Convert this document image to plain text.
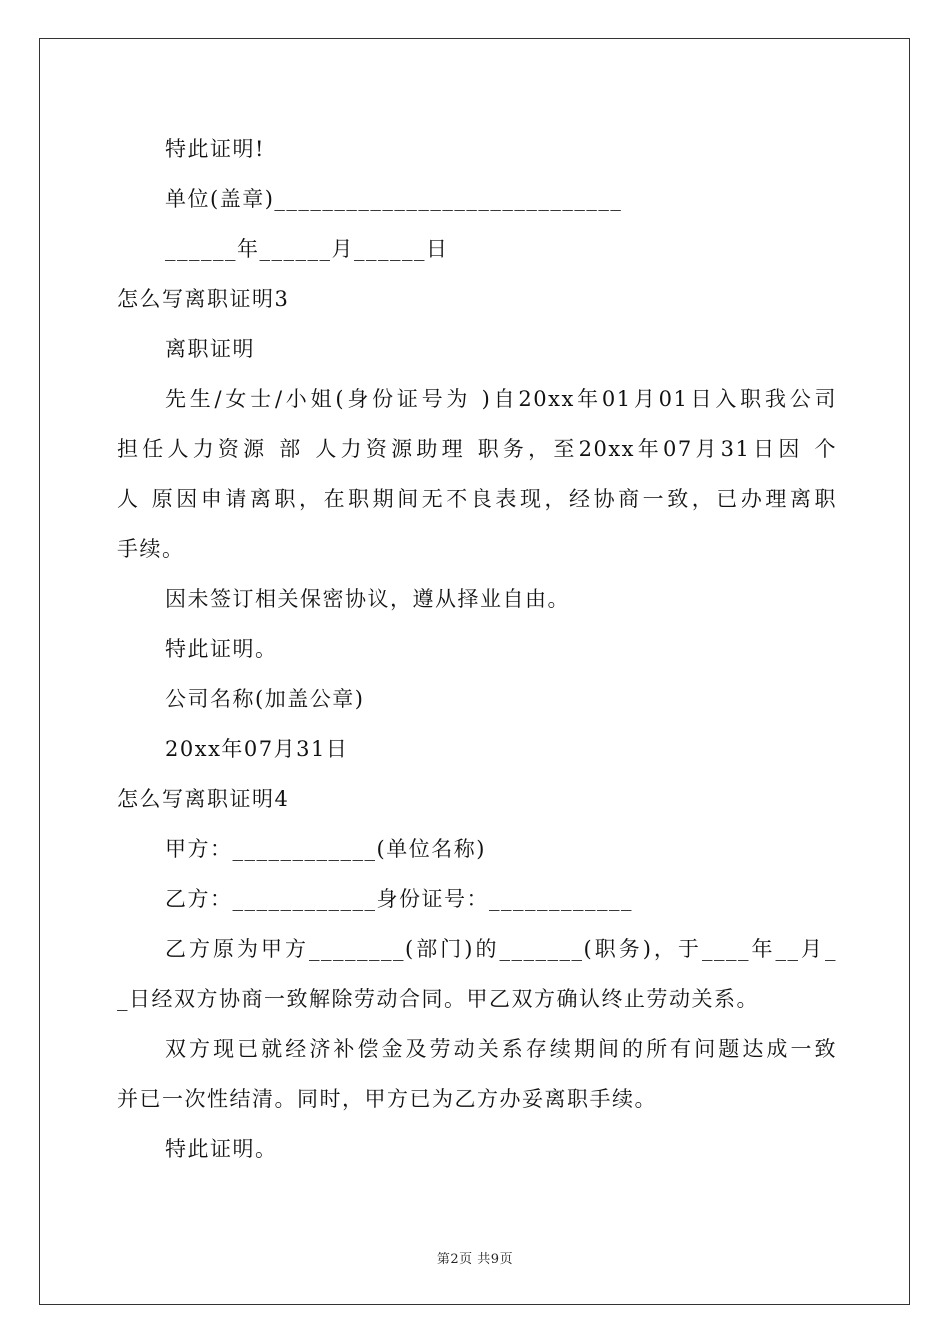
特此证明!
单位(盖章)_____________________________
______年______月______日
怎么写离职证明3
离职证明
先生/女士/小姐(身份证号为 )自20xx年01月01日入职我公司
担任人力资源 部 人力资源助理 职务，至20xx年07月31日因 个
人 原因申请离职，在职期间无不良表现，经协商一致，已办理离职
手续。
因未签订相关保密协议，遵从择业自由。
特此证明。
公司名称(加盖公章)
20xx年07月31日
怎么写离职证明4
甲方：____________(单位名称)
乙方：____________身份证号：____________
乙方原为甲方________(部门)的_______(职务)，于____年__月_
_日经双方协商一致解除劳动合同。甲乙双方确认终止劳动关系。
双方现已就经济补偿金及劳动关系存续期间的所有问题达成一致
并已一次性结清。同时，甲方已为乙方办妥离职手续。
特此证明。
第2页 共9页
